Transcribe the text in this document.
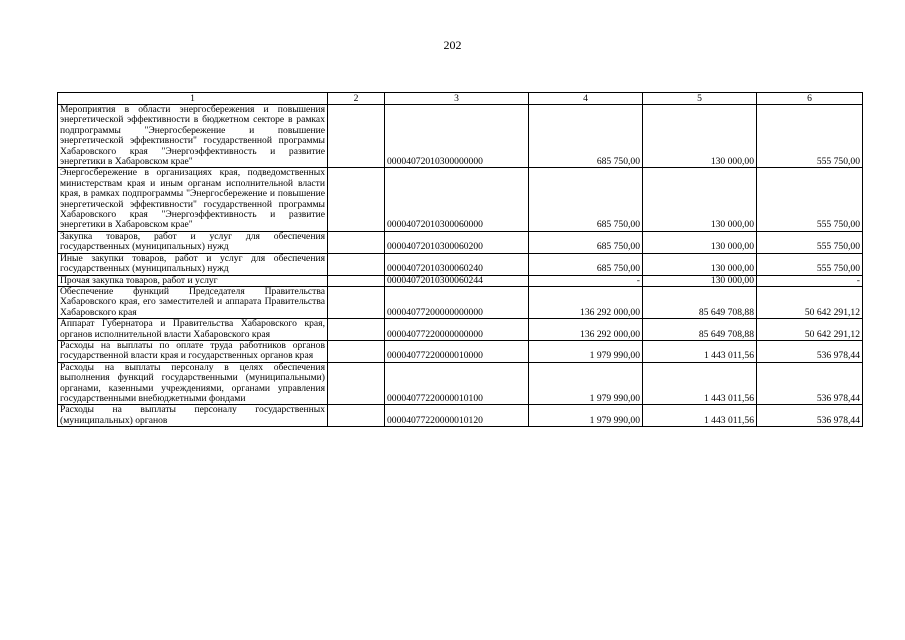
202
1	2	3	4	5	6
Мероприятия в области энергосбережения и повышения энергетической эффективности в бюджетном секторе в рамках подпрограммы "Энергосбережение и повышение энергетической эффективности" государственной программы Хабаровского края "Энергоэффективность и развитие энергетики в Хабаровском крае"		00004072010300000000	685 750,00	130 000,00	555 750,00
Энергосбережение в организациях края, подведомственных министерствам края и иным органам исполнительной власти края, в рамках подпрограммы "Энергосбережение и повышение энергетической эффективности" государственной программы Хабаровского края "Энергоэффективность и развитие энергетики в Хабаровском крае"		00004072010300060000	685 750,00	130 000,00	555 750,00
Закупка товаров, работ и услуг для обеспечения государственных (муниципальных) нужд		00004072010300060200	685 750,00	130 000,00	555 750,00
Иные закупки товаров, работ и услуг для обеспечения государственных (муниципальных) нужд		00004072010300060240	685 750,00	130 000,00	555 750,00
Прочая закупка товаров, работ и услуг		00004072010300060244	-	130 000,00	-
Обеспечение функций Председателя Правительства Хабаровского края, его заместителей и аппарата Правительства Хабаровского края		00004077200000000000	136 292 000,00	85 649 708,88	50 642 291,12
Аппарат Губернатора и Правительства Хабаровского края, органов исполнительной власти Хабаровского края		00004077220000000000	136 292 000,00	85 649 708,88	50 642 291,12
Расходы на выплаты по оплате труда работников органов государственной власти края и государственных органов края		00004077220000010000	1 979 990,00	1 443 011,56	536 978,44
Расходы на выплаты персоналу в целях обеспечения выполнения функций государственными (муниципальными) органами, казенными учреждениями, органами управления государственными внебюджетными фондами		00004077220000010100	1 979 990,00	1 443 011,56	536 978,44
Расходы на выплаты персоналу государственных (муниципальных) органов		00004077220000010120	1 979 990,00	1 443 011,56	536 978,44
